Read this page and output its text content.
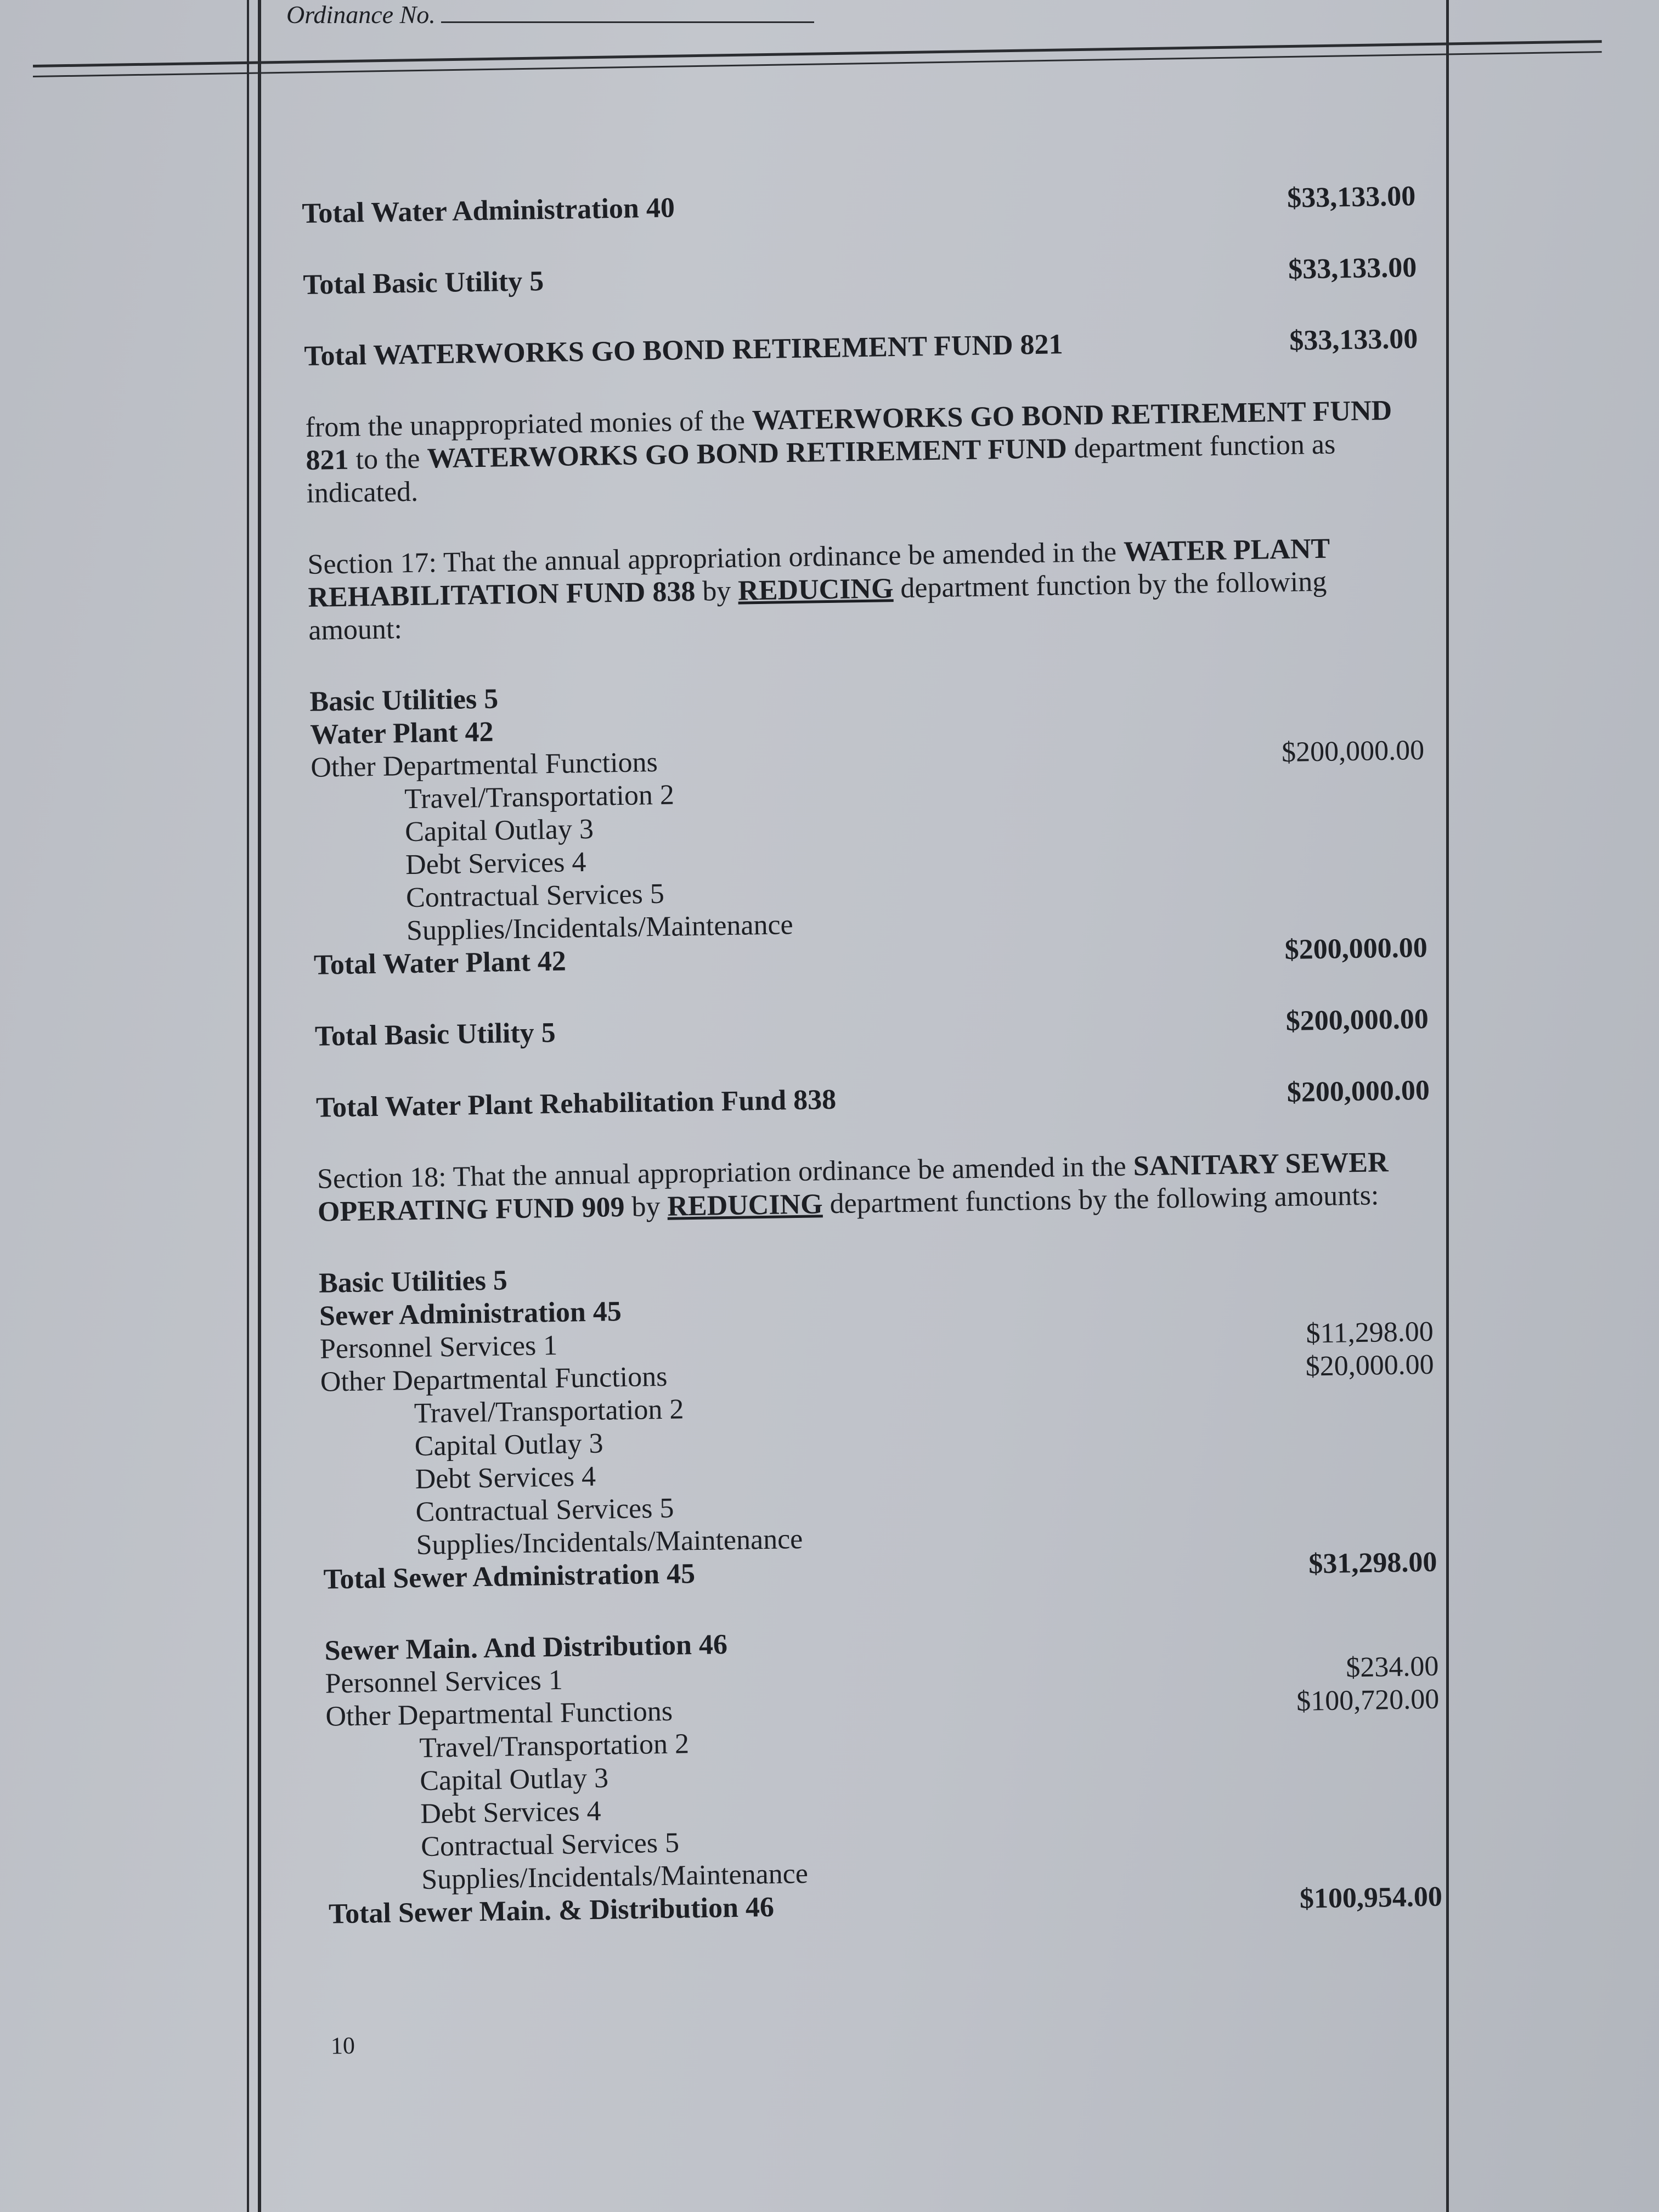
Ordinance No.
Total Water Administration 40	$33,133.00
Total Basic Utility 5	$33,133.00
Total WATERWORKS GO BOND RETIREMENT FUND 821	$33,133.00
from the unappropriated monies of the WATERWORKS GO BOND RETIREMENT FUND 821 to the WATERWORKS GO BOND RETIREMENT FUND department function as indicated.
Section 17: That the annual appropriation ordinance be amended in the WATER PLANT REHABILITATION FUND 838 by REDUCING department function by the following amount:
Basic Utilities 5
Water Plant 42
Other Departmental Functions	$200,000.00
Travel/Transportation 2
Capital Outlay 3
Debt Services 4
Contractual Services 5
Supplies/Incidentals/Maintenance
Total Water Plant 42	$200,000.00
Total Basic Utility 5	$200,000.00
Total Water Plant Rehabilitation Fund 838	$200,000.00
Section 18: That the annual appropriation ordinance be amended in the SANITARY SEWER OPERATING FUND 909 by REDUCING department functions by the following amounts:
Basic Utilities 5
Sewer Administration 45
Personnel Services 1	$11,298.00
Other Departmental Functions	$20,000.00
Travel/Transportation 2
Capital Outlay 3
Debt Services 4
Contractual Services 5
Supplies/Incidentals/Maintenance
Total Sewer Administration 45	$31,298.00
Sewer Main. And Distribution 46
Personnel Services 1	$234.00
Other Departmental Functions	$100,720.00
Travel/Transportation 2
Capital Outlay 3
Debt Services 4
Contractual Services 5
Supplies/Incidentals/Maintenance
Total Sewer Main. & Distribution 46	$100,954.00
10
